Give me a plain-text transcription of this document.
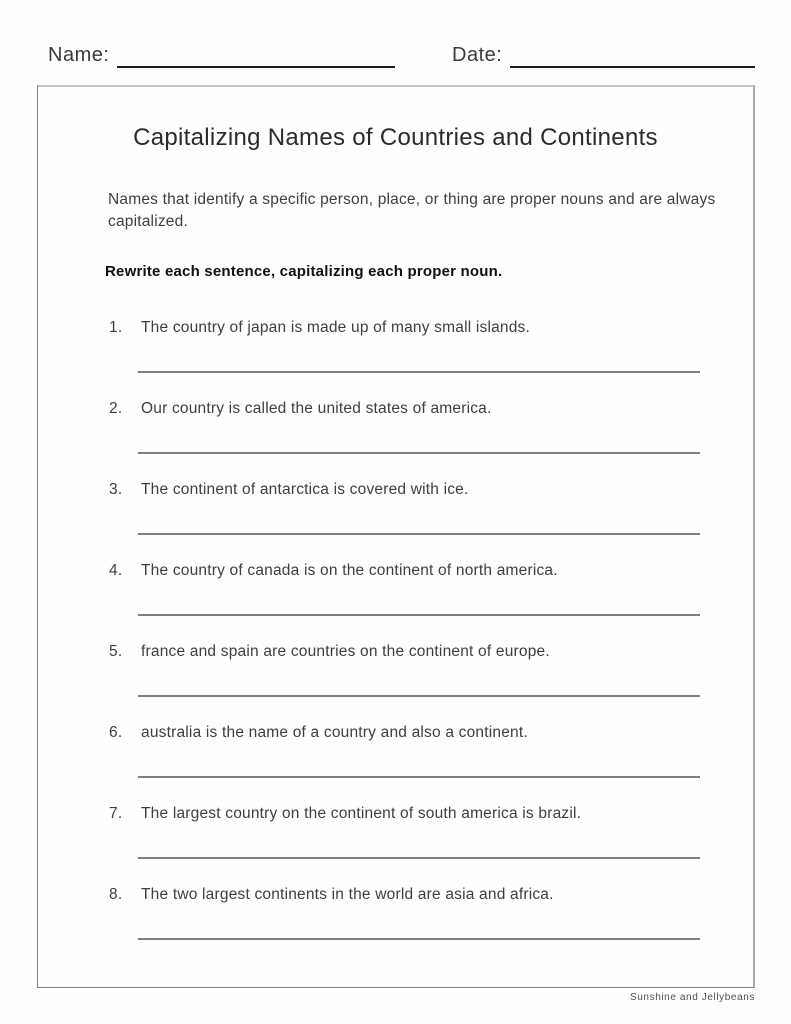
Name:	Date:
Capitalizing Names of Countries and Continents
Names that identify a specific person, place, or thing are proper nouns and are always capitalized.
Rewrite each sentence, capitalizing each proper noun.
1.	The country of japan is made up of many small islands.
2.	Our country is called the united states of america.
3.	The continent of antarctica is covered with ice.
4.	The country of canada is on the continent of north america.
5.	france and spain are countries on the continent of europe.
6.	australia is the name of a country and also a continent.
7.	The largest country on the continent of south america is brazil.
8.	The two largest continents in the world are asia and africa.
Sunshine and Jellybeans
